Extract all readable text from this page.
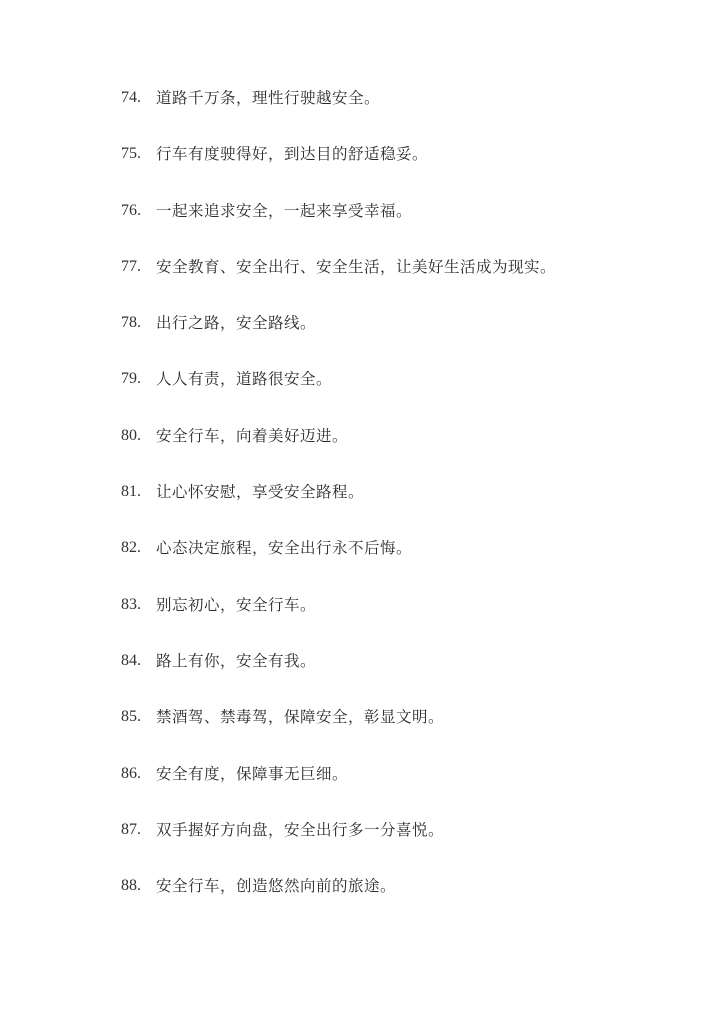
74. 道路千万条，理性行驶越安全。
75. 行车有度驶得好，到达目的舒适稳妥。
76. 一起来追求安全，一起来享受幸福。
77. 安全教育、安全出行、安全生活，让美好生活成为现实。
78. 出行之路，安全路线。
79. 人人有责，道路很安全。
80. 安全行车，向着美好迈进。
81. 让心怀安慰，享受安全路程。
82. 心态决定旅程，安全出行永不后悔。
83. 别忘初心，安全行车。
84. 路上有你，安全有我。
85. 禁酒驾、禁毒驾，保障安全，彰显文明。
86. 安全有度，保障事无巨细。
87. 双手握好方向盘，安全出行多一分喜悦。
88. 安全行车，创造悠然向前的旅途。
